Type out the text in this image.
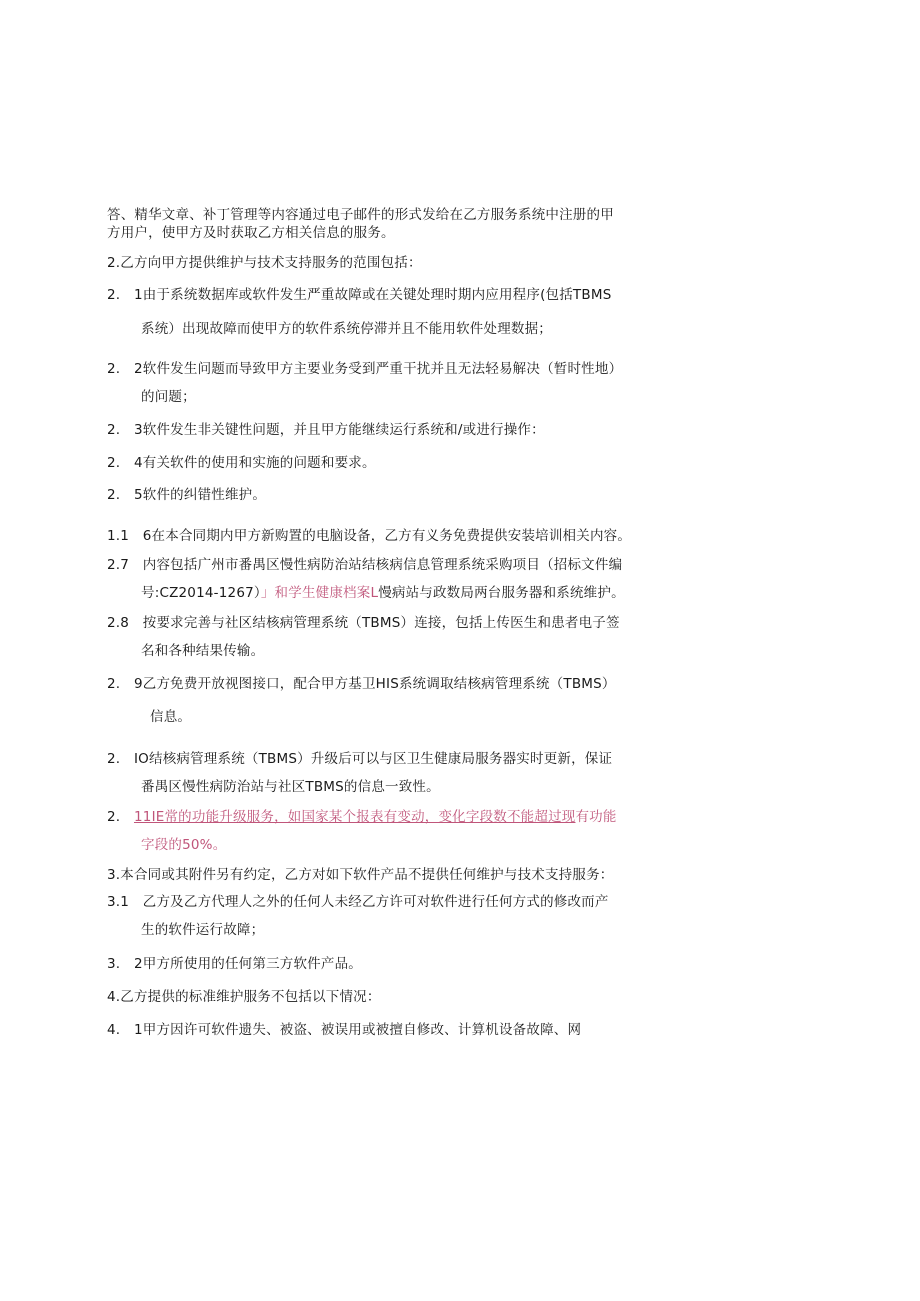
答、精华文章、补丁管理等内容通过电子邮件的形式发给在乙方服务系统中注册的甲
方用户，使甲方及时获取乙方相关信息的服务。
2.乙方向甲方提供维护与技术支持服务的范围包括：
2.　1由于系统数据库或软件发生严重故障或在关键处理时期内应用程序(包括TBMS
系统）出现故障而使甲方的软件系统停滞并且不能用软件处理数据；
2.　2软件发生问题而导致甲方主要业务受到严重干扰并且无法轻易解决（暂时性地）
的问题；
2.　3软件发生非关键性问题，并且甲方能继续运行系统和/或进行操作：
2.　4有关软件的使用和实施的问题和要求。
2.　5软件的纠错性维护。
1.1　6在本合同期内甲方新购置的电脑设备，乙方有义务免费提供安装培训相关内容。
2.7　内容包括广州市番禺区慢性病防治站结核病信息管理系统采购项目（招标文件编
号:CZ2014-1267）」和学生健康档案L慢病站与政数局两台服务器和系统维护。
2.8　按要求完善与社区结核病管理系统（TBMS）连接，包括上传医生和患者电子签
名和各种结果传输。
2.　9乙方免费开放视图接口，配合甲方基卫HIS系统调取结核病管理系统（TBMS）
信息。
2.　IO结核病管理系统（TBMS）升级后可以与区卫生健康局服务器实时更新，保证
番禺区慢性病防治站与社区TBMS的信息一致性。
2.　 11IE常的功能升级服务，如国家某个报表有变动，变化字段数不能超过现有功能
字段的50%。
3.本合同或其附件另有约定，乙方对如下软件产品不提供任何维护与技术支持服务：
3.1　乙方及乙方代理人之外的任何人未经乙方许可对软件进行任何方式的修改而产
生的软件运行故障；
3.　2甲方所使用的任何第三方软件产品。
4.乙方提供的标准维护服务不包括以下情况：
4.　1甲方因许可软件遗失、被盗、被误用或被擅自修改、计算机设备故障、网
